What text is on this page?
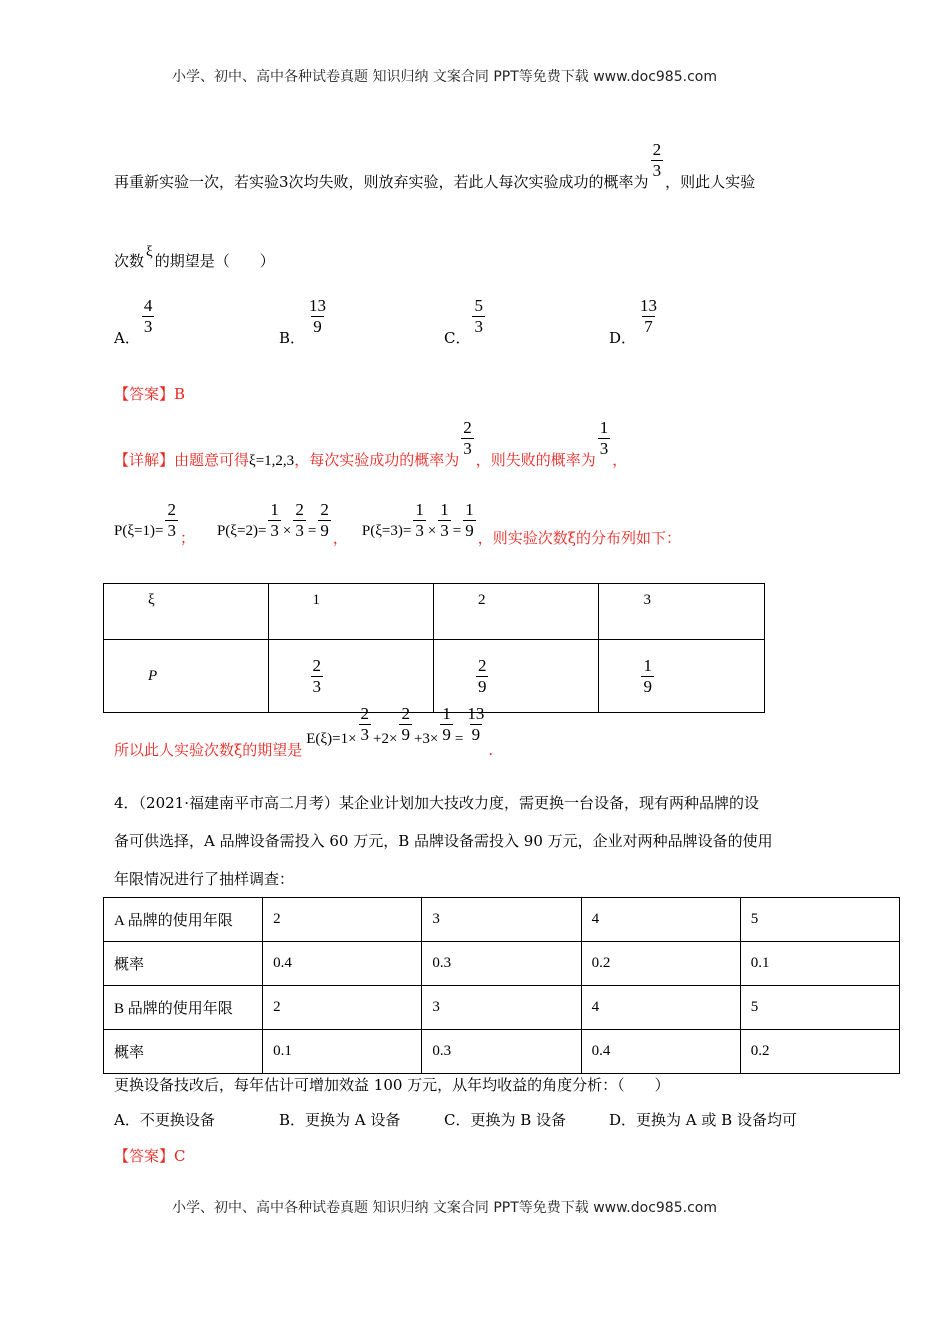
小学、初中、高中各种试卷真题 知识归纳 文案合同 PPT等免费下载 www.doc985.com
再重新实验一次，若实验3次均失败，则放弃实验，若此人每次实验成功的概率为
$\frac{2}{3}$
，则此人实验
次数 ξ 的期望是（　　）
A．
$\frac{4}{3}$
B．
$\frac{13}{9}$
C．
$\frac{5}{3}$
D．
$\frac{13}{7}$
【答案】B
【详解】由题意可得ξ=1,2,3，每次实验成功的概率为
$\frac{2}{3}$
，则失败的概率为
$\frac{1}{3}$
，
$P(\xi=1)= \frac{2}{3}$ ； $P(\xi=2)= \frac{1}{3} \times \frac{2}{3} = \frac{2}{9}$ ， $P(\xi=3)= \frac{1}{3} \times \frac{1}{3} = \frac{1}{9}$ ，则实验次数ξ的分布列如下：
ξ	1	2	3
P	$\frac{2}{3}$	$\frac{2}{9}$	$\frac{1}{9}$
所以此人实验次数ξ的期望是$E(\xi)=1\times \frac{2}{3} +2\times \frac{2}{9} +3\times \frac{1}{9} = \frac{13}{9}$
.
4．（2021·福建南平市高二月考）某企业计划加大技改力度，需更换一台设备，现有两种品牌的设
备可供选择，A 品牌设备需投入 60 万元，B 品牌设备需投入 90 万元，企业对两种品牌设备的使用
年限情况进行了抽样调查：
A 品牌的使用年限	2	3	4	5
概率	0.4	0.3	0.2	0.1
B 品牌的使用年限	2	3	4	5
概率	0.1	0.3	0.4	0.2
更换设备技改后，每年估计可增加效益 100 万元，从年均收益的角度分析：（　　）
A．不更换设备	B．更换为 A 设备	C．更换为 B 设备	D．更换为 A 或 B 设备均可
【答案】C
小学、初中、高中各种试卷真题 知识归纳 文案合同 PPT等免费下载 www.doc985.com
